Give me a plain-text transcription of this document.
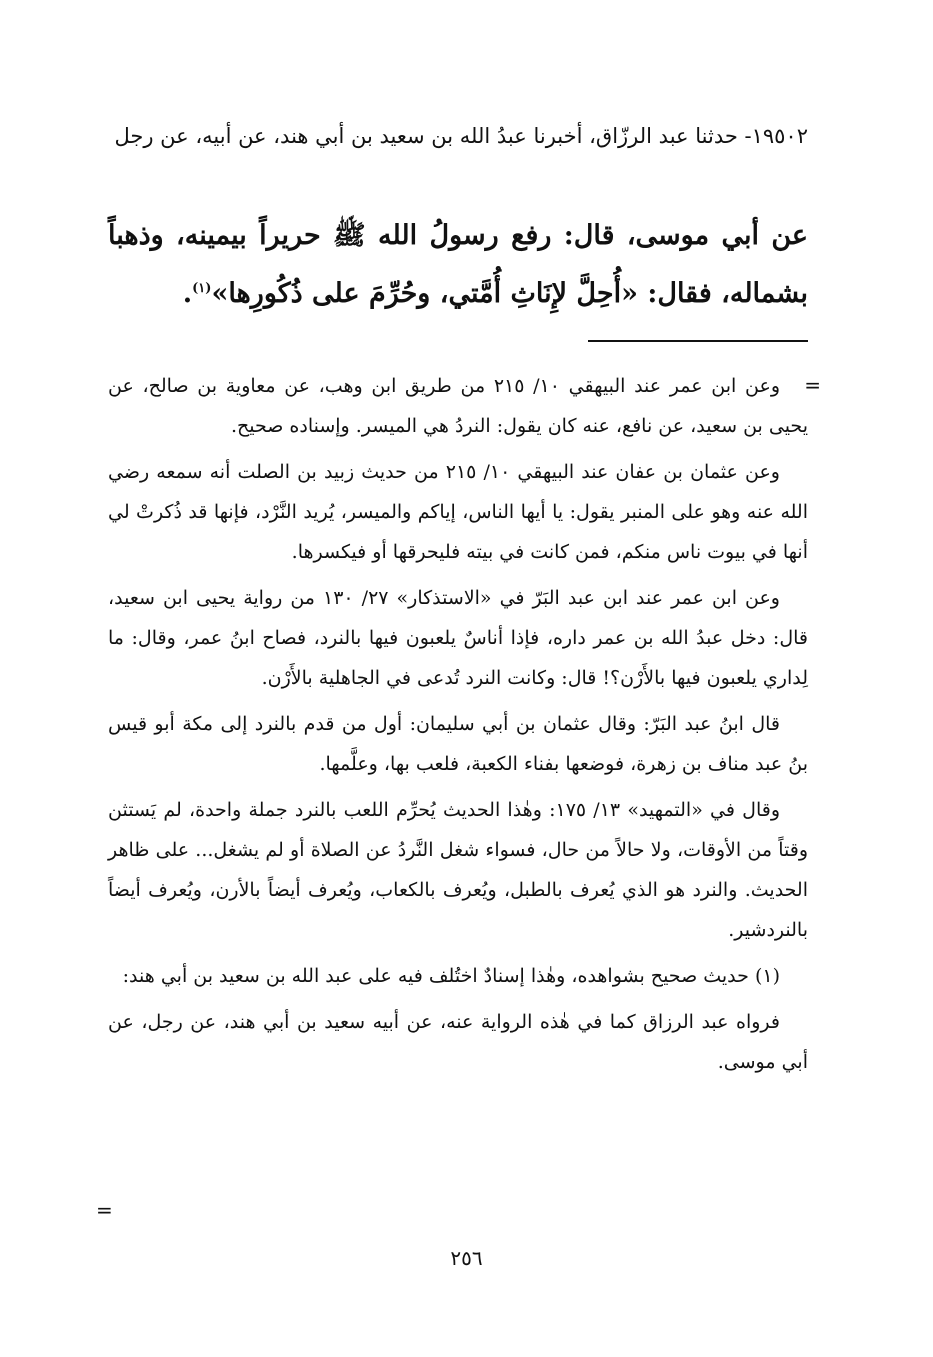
١٩٥٠٢- حدثنا عبد الرزّاق، أخبرنا عبدُ الله بن سعيد بن أبي هند، عن أبيه، عن رجل
عن أبي موسى، قال: رفع رسولُ الله ﷺ حريراً بيمينه، وذهباً بشماله، فقال: «أُحِلَّ لإِنَاثِ أُمَّتي، وحُرِّمَ على ذُكُورِها»$^{(١)}$.
=

وعن ابن عمر عند البيهقي ١٠/ ٢١٥ من طريق ابن وهب، عن معاوية بن صالح، عن يحيى بن سعيد، عن نافع، عنه كان يقول: النردُ هي الميسر. وإسناده صحيح.

وعن عثمان بن عفان عند البيهقي ١٠/ ٢١٥ من حديث زبيد بن الصلت أنه سمعه رضي الله عنه وهو على المنبر يقول: يا أيها الناس، إياكم والميسر، يُريد النَّرْد، فإنها قد ذُكرتْ لي أنها في بيوت ناس منكم، فمن كانت في بيته فليحرقها أو فيكسرها.

وعن ابن عمر عند ابن عبد البَرّ في «الاستذكار» ٢٧/ ١٣٠ من رواية يحيى ابن سعيد، قال: دخل عبدُ الله بن عمر داره، فإذا أناسٌ يلعبون فيها بالنرد، فصاح ابنُ عمر، وقال: ما لِداري يلعبون فيها بالأَرْن؟! قال: وكانت النرد تُدعى في الجاهلية بالأَرْن.

قال ابنُ عبد البَرّ: وقال عثمان بن أبي سليمان: أول من قدم بالنرد إلى مكة أبو قيس بنُ عبد مناف بن زهرة، فوضعها بفناء الكعبة، فلعب بها، وعلَّمها.

وقال في «التمهيد» ١٣/ ١٧٥: وهٰذا الحديث يُحرِّم اللعب بالنرد جملة واحدة، لم يَستثن وقتاً من الأوقات، ولا حالاً من حال، فسواء شغل النَّردُ عن الصلاة أو لم يشغل... على ظاهر الحديث. والنرد هو الذي يُعرف بالطبل، ويُعرف بالكعاب، ويُعرف أيضاً بالأرن، ويُعرف أيضاً بالنردشير.

(١) حديث صحيح بشواهده، وهٰذا إسنادٌ اختُلف فيه على عبد الله بن سعيد بن أبي هند:

فرواه عبد الرزاق كما في هٰذه الرواية عنه، عن أبيه سعيد بن أبي هند، عن رجل، عن أبي موسى.

=
٢٥٦
